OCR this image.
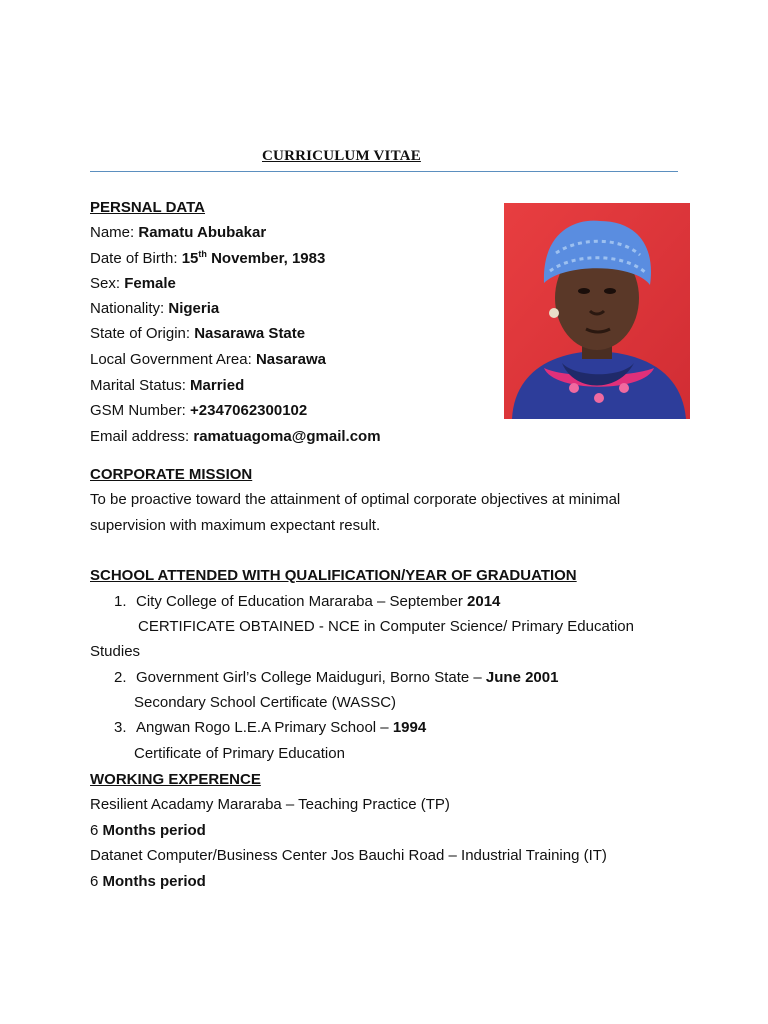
CURRICULUM VITAE
PERSNAL DATA
Name: Ramatu Abubakar
Date of Birth: 15th November, 1983
Sex: Female
Nationality: Nigeria
State of Origin: Nasarawa State
Local Government Area: Nasarawa
Marital Status: Married
GSM Number: +2347062300102
Email address: ramatuagoma@gmail.com
CORPORATE MISSION
To be proactive toward the attainment of optimal corporate objectives at minimal
supervision with maximum expectant result.
SCHOOL ATTENDED WITH QUALIFICATION/YEAR OF GRADUATION
1. City College of Education Mararaba – September 2014
CERTIFICATE OBTAINED - NCE in Computer Science/ Primary Education
Studies
2. Government Girl’s College Maiduguri, Borno State – June 2001
Secondary School Certificate (WASSC)
3. Angwan Rogo L.E.A Primary School – 1994
Certificate of Primary Education
WORKING EXPERENCE
Resilient Acadamy Mararaba – Teaching Practice (TP)
6 Months period
Datanet Computer/Business Center Jos Bauchi Road – Industrial Training (IT)
6 Months period
